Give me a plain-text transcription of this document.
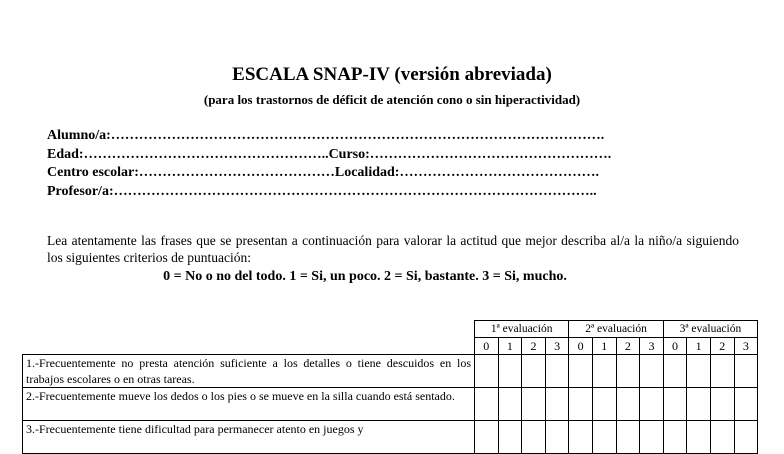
ESCALA SNAP-IV (versión abreviada)
(para los trastornos de déficit de atención cono o sin hiperactividad)
Alumno/a:…………………………………………………………………………………………….
Edad:……………………………………………..Curso:…………………………………………….
Centro escolar:……………………………………Localidad:…………………………………….
Profesor/a:…………………………………………………………………………………………..
Lea atentamente las frases que se presentan a continuación para valorar la actitud que mejor describa al/a la niño/a siguiendo los siguientes criterios de puntuación:
0 = No o no del todo. 1 = Si, un poco. 2 = Si, bastante. 3 = Si, mucho.
	1ª evaluación				2ª evaluación				3ª evaluación			
	0	1	2	3	0	1	2	3	0	1	2	3
1.-Frecuentemente no presta atención suficiente a los detalles o tiene descuidos en los trabajos escolares o en otras tareas.												
2.-Frecuentemente mueve los dedos o los pies o se mueve en la silla cuando está sentado.												
3.-Frecuentemente tiene dificultad para permanecer atento en juegos y												
